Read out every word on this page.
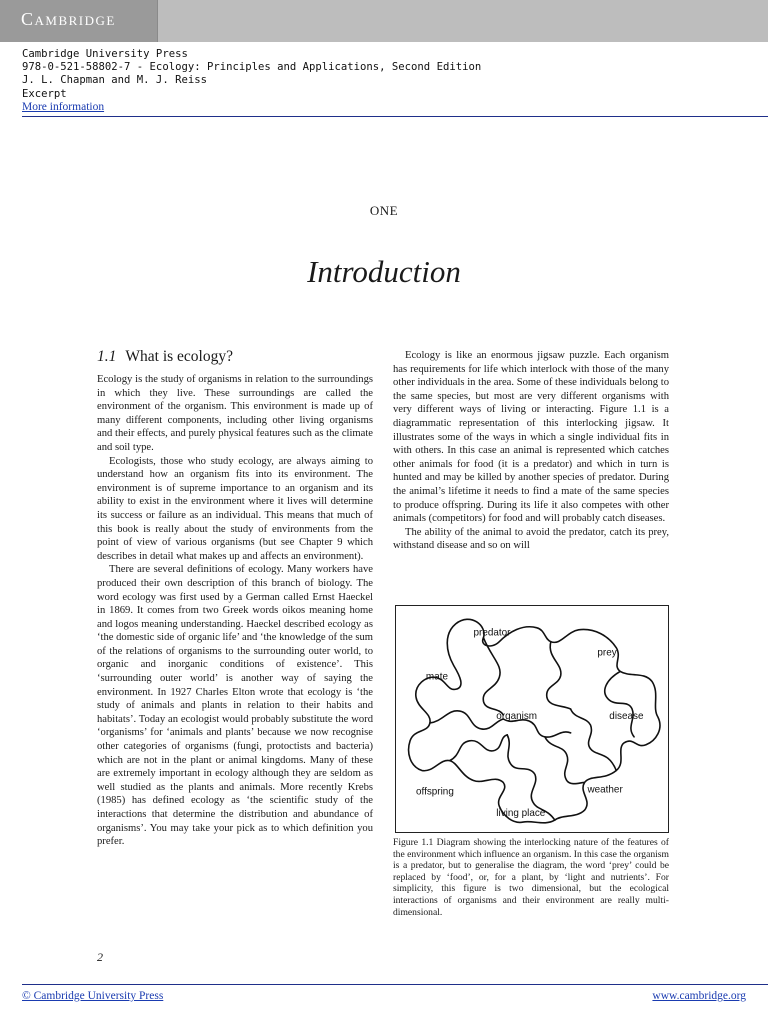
Cambridge
Cambridge University Press
978-0-521-58802-7 - Ecology: Principles and Applications, Second Edition
J. L. Chapman and M. J. Reiss
Excerpt
More information
ONE
Introduction
1.1 What is ecology?

Ecology is the study of organisms in relation to the surroundings in which they live. These surroundings are called the environment of the organism. This environment is made up of many different components, including other living organisms and their effects, and purely physical features such as the climate and soil type.

Ecologists, those who study ecology, are always aiming to understand how an organism fits into its environment. The environment is of supreme importance to an organism and its ability to exist in the environment where it lives will determine its success or failure as an individual. This means that much of this book is really about the study of environments from the point of view of various organisms (but see Chapter 9 which describes in detail what makes up and affects an environment).

There are several definitions of ecology. Many workers have produced their own description of this branch of biology. The word ecology was first used by a German called Ernst Haeckel in 1869. It comes from two Greek words oikos meaning home and logos meaning understanding. Haeckel described ecology as ‘the domestic side of organic life’ and ‘the knowledge of the sum of the relations of organisms to the surrounding outer world, to organic and inorganic conditions of existence’. This ‘surrounding outer world’ is another way of saying the environment. In 1927 Charles Elton wrote that ecology is ‘the study of animals and plants in relation to their habits and habitats’. Today an ecologist would probably substitute the word ‘organisms’ for ‘animals and plants’ because we now recognise other categories of organisms (fungi, protoctists and bacteria) which are not in the plant or animal kingdoms. Many of these are extremely important in ecology although they are seldom as well studied as the plants and animals. More recently Krebs (1985) has defined ecology as ‘the scientific study of the interactions that determine the distribution and abundance of organisms’. You may take your pick as to which definition you prefer.

Ecology is like an enormous jigsaw puzzle. Each organism has requirements for life which interlock with those of the many other individuals in the area. Some of these individuals belong to the same species, but most are very different organisms with very different ways of living or interacting. Figure 1.1 is a diagrammatic representation of this interlocking jigsaw. It illustrates some of the ways in which a single individual fits in with others. In this case an animal is represented which catches other animals for food (it is a predator) and which in turn is hunted and may be killed by another species of predator. During the animal’s lifetime it needs to find a mate of the same species to produce offspring. During its life it also competes with other animals (competitors) for food and will probably catch diseases.

The ability of the animal to avoid the predator, catch its prey, withstand disease and so on will

predator
prey
mate
organism	disease
offspring	weather
living place
Figure 1.1 Diagram showing the interlocking nature of the features of the environment which influence an organism. In this case the organism is a predator, but to generalise the diagram, the word ‘prey’ could be replaced by ‘food’, or, for a plant, by ‘light and nutrients’. For simplicity, this figure is two dimensional, but the ecological interactions of organisms and their environment are really multi-dimensional.
2
© Cambridge University Press	www.cambridge.org
